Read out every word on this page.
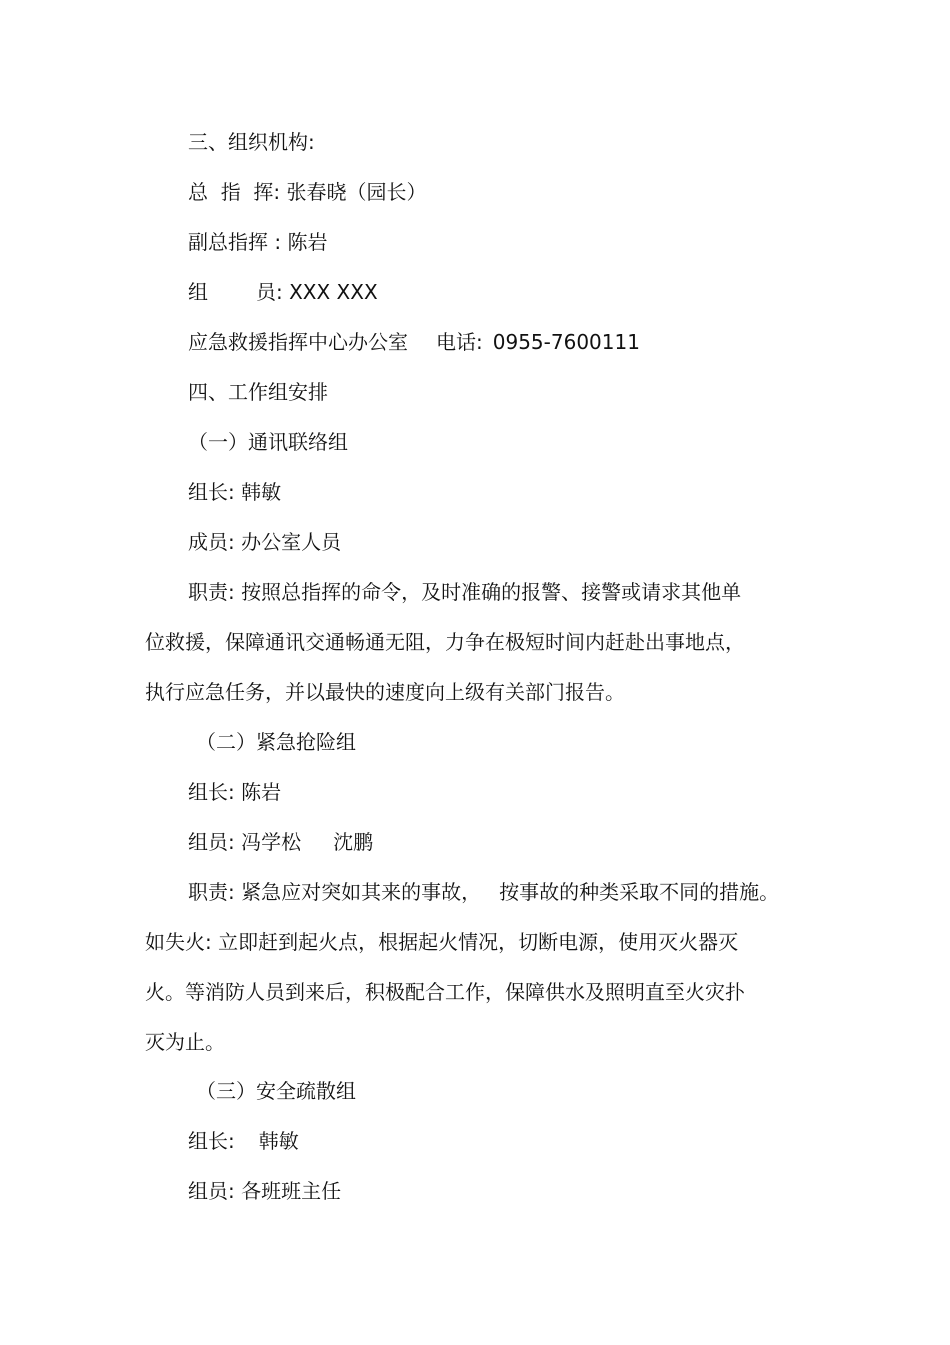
三、组织机构:

总  指  挥: 张春晓（园长）

副总指挥 : 陈岩

组 员: XXX XXX

应急救援指挥中心办公室 电话: 0955-7600111

四、工作组安排

（一）通讯联络组

组长: 韩敏

成员: 办公室人员

职责: 按照总指挥的命令，及时准确的报警、接警或请求其他单

位救援，保障通讯交通畅通无阻，力争在极短时间内赶赴出事地点，

执行应急任务，并以最快的速度向上级有关部门报告。

（二）紧急抢险组

组长: 陈岩

组员: 冯学松 沈鹏

职责: 紧急应对突如其来的事故， 按事故的种类采取不同的措施。

如失火: 立即赶到起火点，根据起火情况，切断电源，使用灭火器灭

火。等消防人员到来后，积极配合工作，保障供水及照明直至火灾扑

灭为止。

（三）安全疏散组

组长: 韩敏

组员: 各班班主任
